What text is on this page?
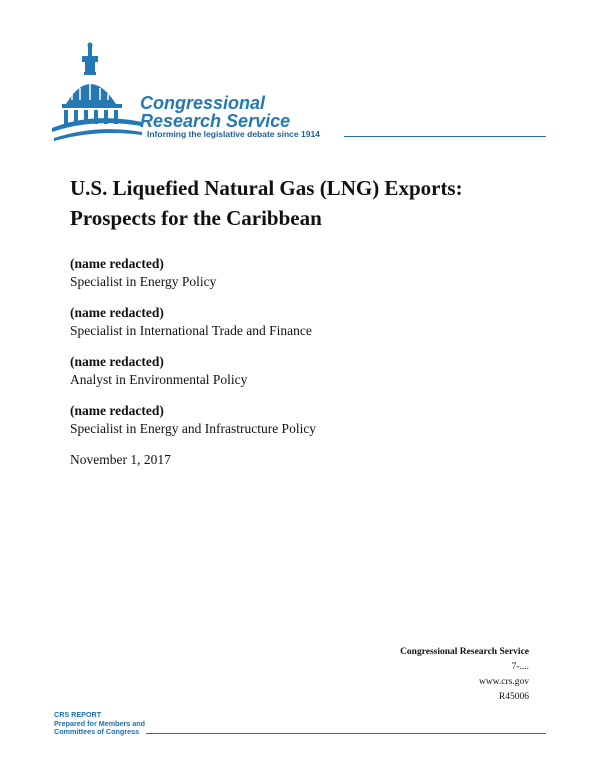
Congressional
Research Service
Informing the legislative debate since 1914
U.S. Liquefied Natural Gas (LNG) Exports: Prospects for the Caribbean
(name redacted)
Specialist in Energy Policy
(name redacted)
Specialist in International Trade and Finance
(name redacted)
Analyst in Environmental Policy
(name redacted)
Specialist in Energy and Infrastructure Policy
November 1, 2017
Congressional Research Service
7-....
www.crs.gov
R45006
CRS REPORT
Prepared for Members and
Committees of Congress
